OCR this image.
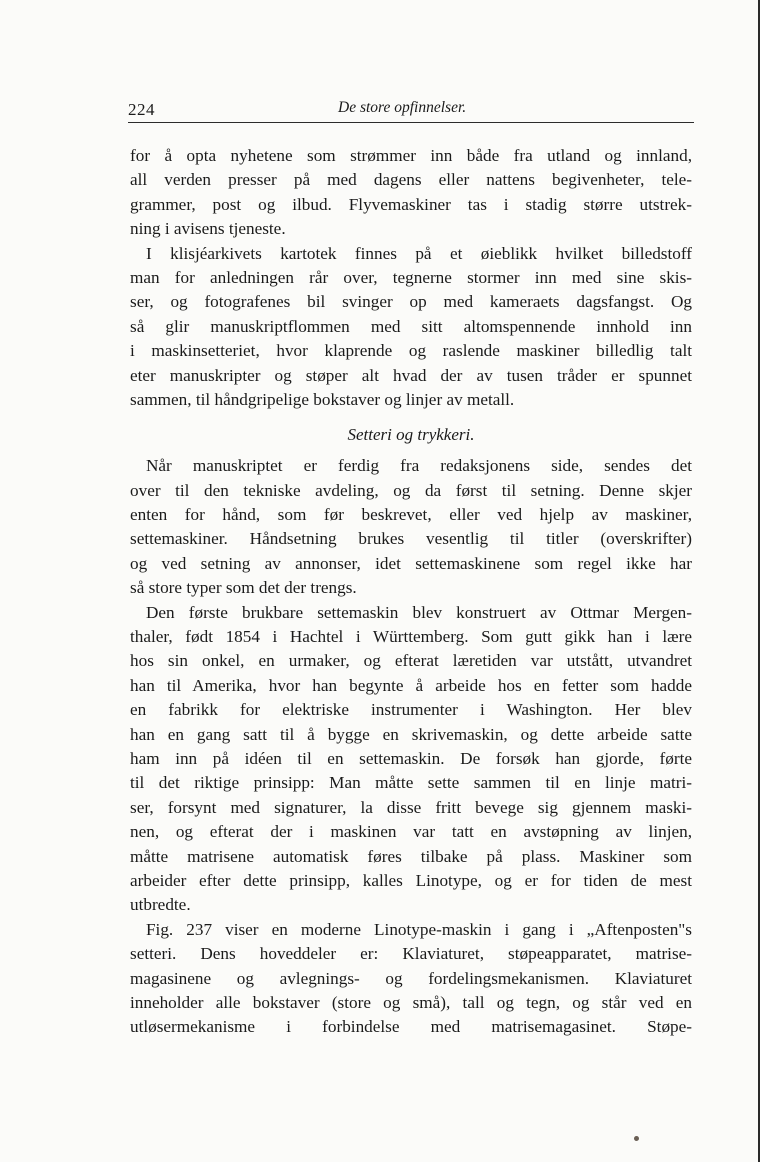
224	De store opfinnelser.
for å opta nyhetene som strømmer inn både fra utland og innland,
all verden presser på med dagens eller nattens begivenheter, tele-
grammer, post og ilbud. Flyvemaskiner tas i stadig større utstrek-
ning i avisens tjeneste.
I klisjéarkivets kartotek finnes på et øieblikk hvilket billedstoff
man for anledningen rår over, tegnerne stormer inn med sine skis-
ser, og fotografenes bil svinger op med kameraets dagsfangst. Og
så glir manuskriptflommen med sitt altomspennende innhold inn
i maskinsetteriet, hvor klaprende og raslende maskiner billedlig talt
eter manuskripter og støper alt hvad der av tusen tråder er spunnet
sammen, til håndgripelige bokstaver og linjer av metall.
Setteri og trykkeri.
Når manuskriptet er ferdig fra redaksjonens side, sendes det
over til den tekniske avdeling, og da først til setning. Denne skjer
enten for hånd, som før beskrevet, eller ved hjelp av maskiner,
settemaskiner. Håndsetning brukes vesentlig til titler (overskrifter)
og ved setning av annonser, idet settemaskinene som regel ikke har
så store typer som det der trengs.
Den første brukbare settemaskin blev konstruert av Ottmar Mergen-
thaler, født 1854 i Hachtel i Württemberg. Som gutt gikk han i lære
hos sin onkel, en urmaker, og efterat læretiden var utstått, utvandret
han til Amerika, hvor han begynte å arbeide hos en fetter som hadde
en fabrikk for elektriske instrumenter i Washington. Her blev
han en gang satt til å bygge en skrivemaskin, og dette arbeide satte
ham inn på idéen til en settemaskin. De forsøk han gjorde, førte
til det riktige prinsipp: Man måtte sette sammen til en linje matri-
ser, forsynt med signaturer, la disse fritt bevege sig gjennem maski-
nen, og efterat der i maskinen var tatt en avstøpning av linjen,
måtte matrisene automatisk føres tilbake på plass. Maskiner som
arbeider efter dette prinsipp, kalles Linotype, og er for tiden de mest
utbredte.
Fig. 237 viser en moderne Linotype-maskin i gang i „Aftenposten"s
setteri. Dens hoveddeler er: Klaviaturet, støpeapparatet, matrise-
magasinene og avlegnings- og fordelingsmekanismen. Klaviaturet
inneholder alle bokstaver (store og små), tall og tegn, og står ved en
utløsermekanisme i forbindelse med matrisemagasinet. Støpe-
